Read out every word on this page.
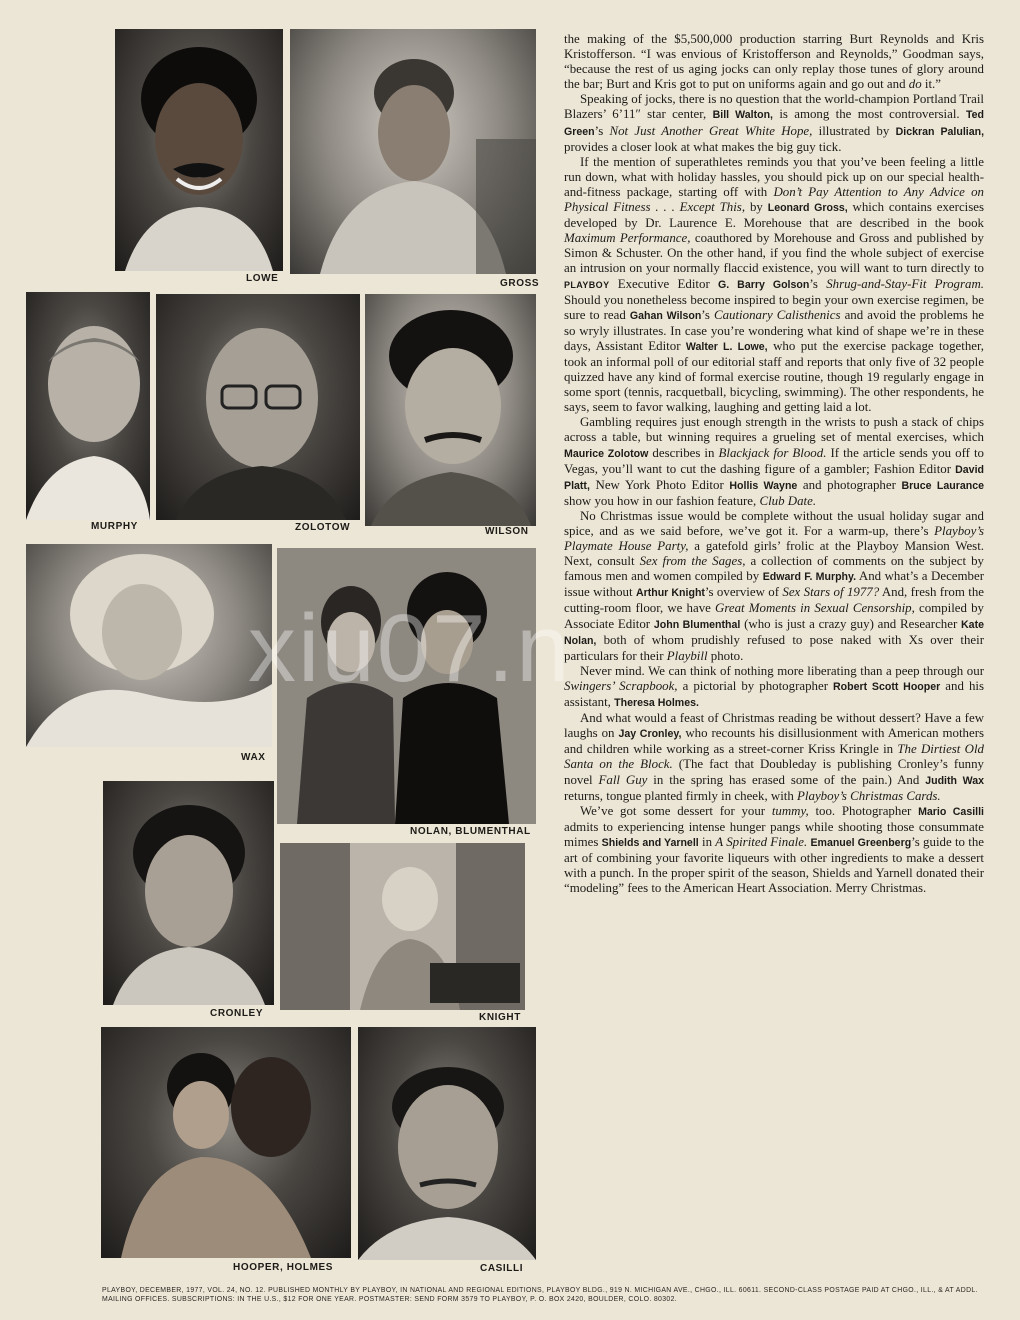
LOWE	GROSS
MURPHY	ZOLOTOW	WILSON
WAX
NOLAN, BLUMENTHAL
CRONLEY	KNIGHT
HOOPER, HOLMES	CASILLI

the making of the $5,500,000 production starring Burt Reynolds and Kris Kristofferson. “I was envious of Kristofferson and Reynolds,” Goodman says, “because the rest of us aging jocks can only replay those tunes of glory around the bar; Burt and Kris got to put on uniforms again and go out and do it.”

Speaking of jocks, there is no question that the world-champion Portland Trail Blazers’ 6’11″ star center, Bill Walton, is among the most controversial. Ted Green’s Not Just Another Great White Hope, illustrated by Dickran Palulian, provides a closer look at what makes the big guy tick.

If the mention of superathletes reminds you that you’ve been feeling a little run down, what with holiday hassles, you should pick up on our special health-and-fitness package, starting off with Don’t Pay Attention to Any Advice on Physical Fitness . . . Except This, by Leonard Gross, which contains exercises developed by Dr. Laurence E. Morehouse that are described in the book Maximum Performance, coauthored by Morehouse and Gross and published by Simon & Schuster. On the other hand, if you find the whole subject of exercise an intrusion on your normally flaccid existence, you will want to turn directly to PLAYBOY Executive Editor G. Barry Golson’s Shrug-and-Stay-Fit Program. Should you nonetheless become inspired to begin your own exercise regimen, be sure to read Gahan Wilson’s Cautionary Calisthenics and avoid the problems he so wryly illustrates. In case you’re wondering what kind of shape we’re in these days, Assistant Editor Walter L. Lowe, who put the exercise package together, took an informal poll of our editorial staff and reports that only five of 32 people quizzed have any kind of formal exercise routine, though 19 regularly engage in some sport (tennis, racquetball, bicycling, swimming). The other respondents, he says, seem to favor walking, laughing and getting laid a lot.

Gambling requires just enough strength in the wrists to push a stack of chips across a table, but winning requires a grueling set of mental exercises, which Maurice Zolotow describes in Blackjack for Blood. If the article sends you off to Vegas, you’ll want to cut the dashing figure of a gambler; Fashion Editor David Platt, New York Photo Editor Hollis Wayne and photographer Bruce Laurance show you how in our fashion feature, Club Date.

No Christmas issue would be complete without the usual holiday sugar and spice, and as we said before, we’ve got it. For a warm-up, there’s Playboy’s Playmate House Party, a gatefold girls’ frolic at the Playboy Mansion West. Next, consult Sex from the Sages, a collection of comments on the subject by famous men and women compiled by Edward F. Murphy. And what’s a December issue without Arthur Knight’s overview of Sex Stars of 1977? And, fresh from the cutting-room floor, we have Great Moments in Sexual Censorship, compiled by Associate Editor John Blumenthal (who is just a crazy guy) and Researcher Kate Nolan, both of whom prudishly refused to pose naked with Xs over their particulars for their Playbill photo.

Never mind. We can think of nothing more liberating than a peep through our Swingers’ Scrapbook, a pictorial by photographer Robert Scott Hooper and his assistant, Theresa Holmes.

And what would a feast of Christmas reading be without dessert? Have a few laughs on Jay Cronley, who recounts his disillusionment with American mothers and children while working as a street-corner Kriss Kringle in The Dirtiest Old Santa on the Block. (The fact that Doubleday is publishing Cronley’s funny novel Fall Guy in the spring has erased some of the pain.) And Judith Wax returns, tongue planted firmly in cheek, with Playboy’s Christmas Cards.

We’ve got some dessert for your tummy, too. Photographer Mario Casilli admits to experiencing intense hunger pangs while shooting those consummate mimes Shields and Yarnell in A Spirited Finale. Emanuel Greenberg’s guide to the art of combining your favorite liqueurs with other ingredients to make a dessert with a punch. In the proper spirit of the season, Shields and Yarnell donated their “modeling” fees to the American Heart Association. Merry Christmas.

xiu07.n
PLAYBOY, DECEMBER, 1977, VOL. 24, NO. 12. PUBLISHED MONTHLY BY PLAYBOY, IN NATIONAL AND REGIONAL EDITIONS, PLAYBOY BLDG., 919 N. MICHIGAN AVE., CHGO., ILL. 60611. SECOND-CLASS POSTAGE PAID AT CHGO., ILL., & AT ADDL. MAILING OFFICES. SUBSCRIPTIONS: IN THE U.S., $12 FOR ONE YEAR. POSTMASTER: SEND FORM 3579 TO PLAYBOY, P. O. BOX 2420, BOULDER, COLO. 80302.
